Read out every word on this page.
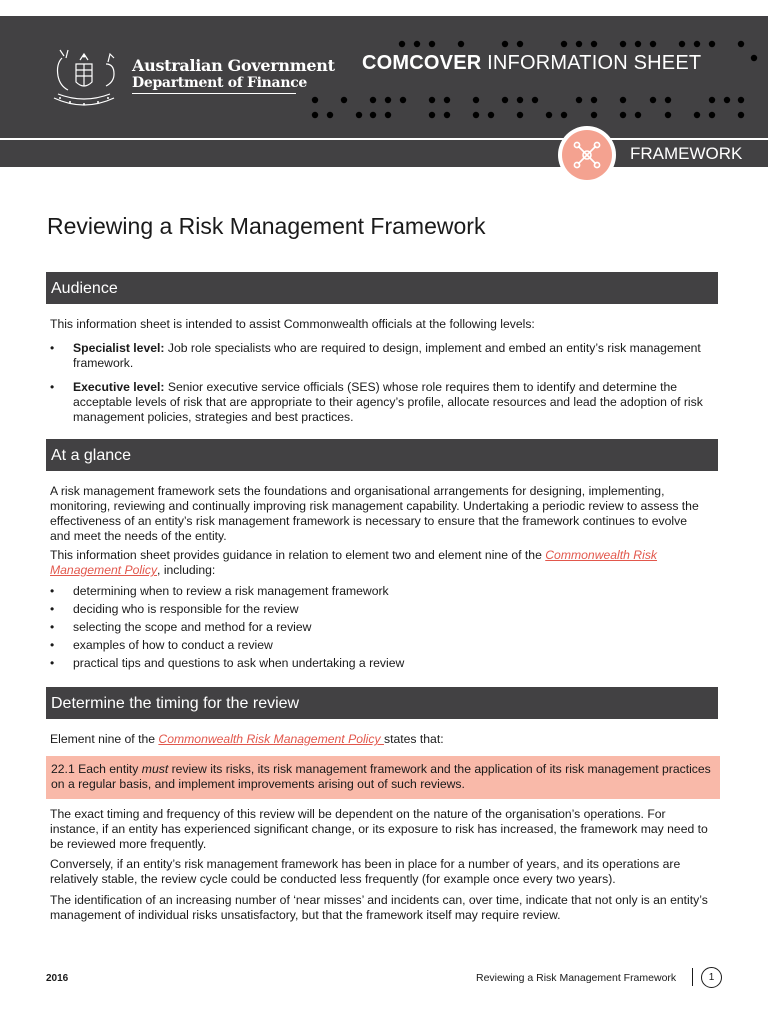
Australian Government
Department of Finance
COMCOVER INFORMATION SHEET
FRAMEWORK
Reviewing a Risk Management Framework
Audience
This information sheet is intended to assist Commonwealth officials at the following levels:
• Specialist level: Job role specialists who are required to design, implement and embed an entity’s risk management framework.
• Executive level: Senior executive service officials (SES) whose role requires them to identify and determine the acceptable levels of risk that are appropriate to their agency’s profile, allocate resources and lead the adoption of risk management policies, strategies and best practices.
At a glance
A risk management framework sets the foundations and organisational arrangements for designing, implementing, monitoring, reviewing and continually improving risk management capability. Undertaking a periodic review to assess the effectiveness of an entity’s risk management framework is necessary to ensure that the framework continues to evolve and meet the needs of the entity.
This information sheet provides guidance in relation to element two and element nine of the Commonwealth Risk Management Policy, including:
• determining when to review a risk management framework
• deciding who is responsible for the review
• selecting the scope and method for a review
• examples of how to conduct a review
• practical tips and questions to ask when undertaking a review
Determine the timing for the review
Element nine of the Commonwealth Risk Management Policy states that:
22.1 Each entity must review its risks, its risk management framework and the application of its risk management practices on a regular basis, and implement improvements arising out of such reviews.
The exact timing and frequency of this review will be dependent on the nature of the organisation’s operations. For instance, if an entity has experienced significant change, or its exposure to risk has increased, the framework may need to be reviewed more frequently.
Conversely, if an entity’s risk management framework has been in place for a number of years, and its operations are relatively stable, the review cycle could be conducted less frequently (for example once every two years).
The identification of an increasing number of ‘near misses’ and incidents can, over time, indicate that not only is an entity’s management of individual risks unsatisfactory, but that the framework itself may require review.
2016	Reviewing a Risk Management Framework	1
